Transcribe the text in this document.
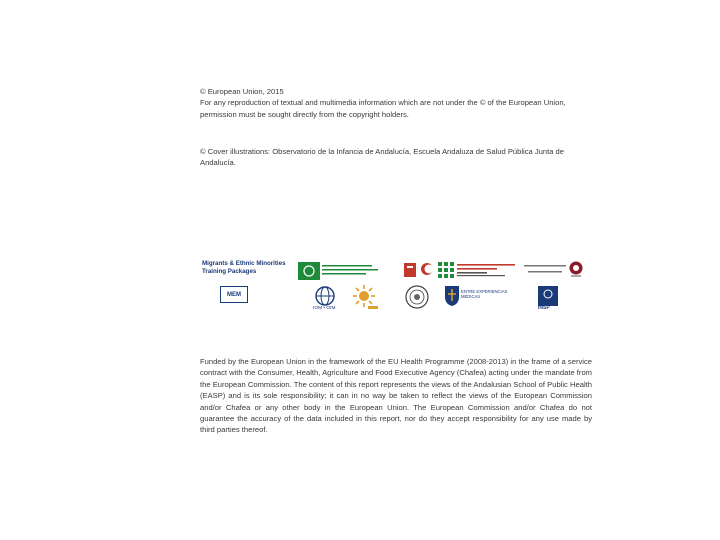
© European Union, 2015

For any reproduction of textual and multimedia information which are not under the © of the European Union, permission must be sought directly from the copyright holders.

© Cover illustrations: Observatorio de la Infancia de Andalucía, Escuela Andaluza de Salud Pública Junta de Andalucía.

Migrants & Ethnic Minorities Training Packages
MEM
IOM • OIM
ENTRE EXPERIENCIAS MÉDICAS
INSP

Funded by the European Union in the framework of the EU Health Programme (2008-2013) in the frame of a service contract with the Consumer, Health, Agriculture and Food Executive Agency (Chafea) acting under the mandate from the European Commission. The content of this report represents the views of the Andalusian School of Public Health (EASP) and is its sole responsibility; it can in no way be taken to reflect the views of the European Commission and/or Chafea or any other body in the European Union. The European Commission and/or Chafea do not guarantee the accuracy of the data included in this report, nor do they accept responsibility for any use made by third parties thereof.
